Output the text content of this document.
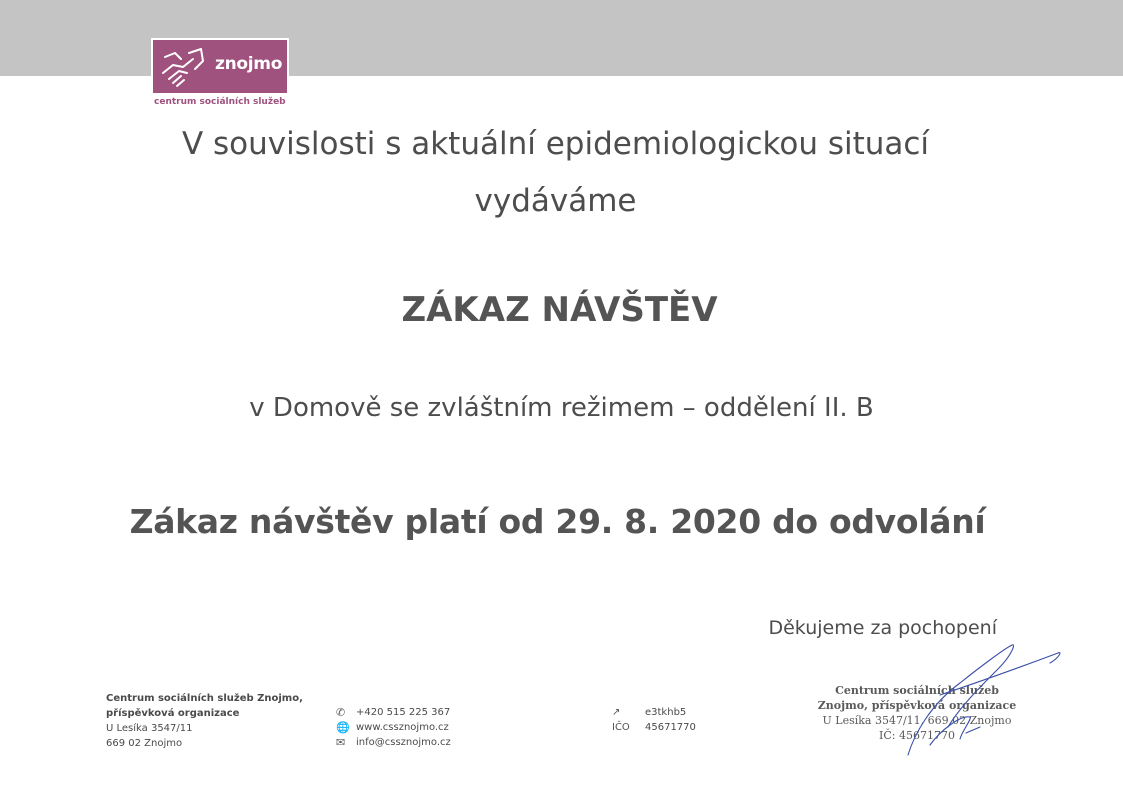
znojmo
centrum sociálních služeb
V souvislosti s aktuální epidemiologickou situací
vydáváme
ZÁKAZ NÁVŠTĚV
v Domově se zvláštním režimem – oddělení II. B
Zákaz návštěv platí od 29. 8. 2020 do odvolání
Děkujeme za pochopení
Centrum sociálních služeb Znojmo,
příspěvková organizace
U Lesíka 3547/11
669 02 Znojmo
✆	+420 515 225 367
🌐 www.cssznojmo.cz
✉	info@cssznojmo.cz
↗	e3tkhb5
IČO	45671770
Centrum sociálních služeb
Znojmo, příspěvková organizace
U Lesíka 3547/11, 669 02 Znojmo
IČ: 45671770
